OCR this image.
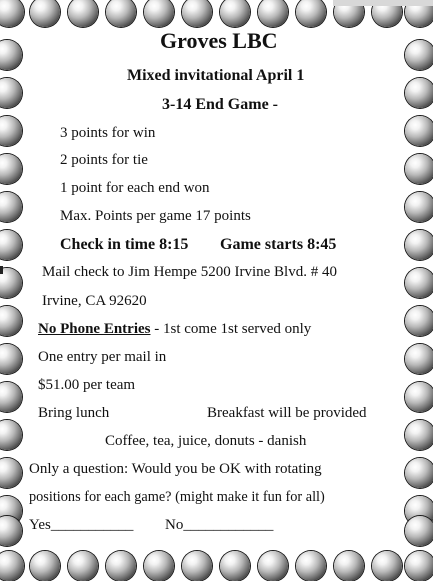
Groves LBC
Mixed invitational April 1
3-14 End Game -
3 points for win
2 points for tie
1 point for each end won
Max. Points per game 17 points
Check in time 8:15 Game starts 8:45
Mail check to Jim Hempe 5200 Irvine Blvd. # 40
Irvine, CA 92620
No Phone Entries - 1st come 1st served only
One entry per mail in
$51.00 per team
Bring lunch	Breakfast will be provided
Coffee, tea, juice, donuts - danish
Only a question: Would you be OK with rotating
positions for each game? (might make it fun for all)
Yes___________ No____________
